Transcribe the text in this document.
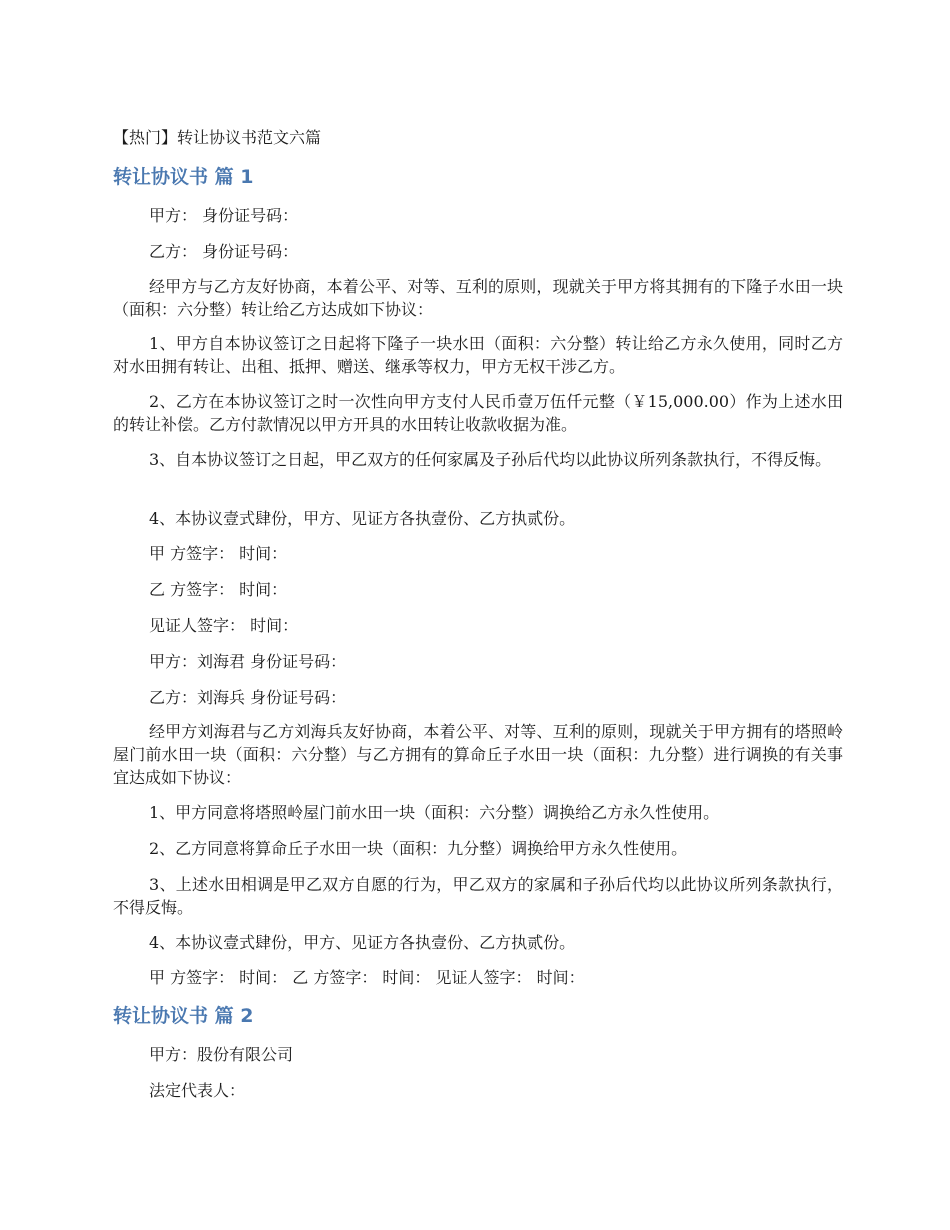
【热门】转让协议书范文六篇
转让协议书 篇 1
甲方： 身份证号码：
乙方： 身份证号码：
经甲方与乙方友好协商，本着公平、对等、互利的原则，现就关于甲方将其拥有的下隆子水田一块（面积：六分整）转让给乙方达成如下协议：
1、甲方自本协议签订之日起将下隆子一块水田（面积：六分整）转让给乙方永久使用，同时乙方对水田拥有转让、出租、抵押、赠送、继承等权力，甲方无权干涉乙方。
2、乙方在本协议签订之时一次性向甲方支付人民币壹万伍仟元整（￥15,000.00）作为上述水田的转让补偿。乙方付款情况以甲方开具的水田转让收款收据为准。
3、自本协议签订之日起，甲乙双方的任何家属及子孙后代均以此协议所列条款执行，不得反悔。
4、本协议壹式肆份，甲方、见证方各执壹份、乙方执贰份。
甲 方签字： 时间：
乙 方签字： 时间：
见证人签字： 时间：
甲方：刘海君 身份证号码：
乙方：刘海兵 身份证号码：
经甲方刘海君与乙方刘海兵友好协商，本着公平、对等、互利的原则，现就关于甲方拥有的塔照岭屋门前水田一块（面积：六分整）与乙方拥有的算命丘子水田一块（面积：九分整）进行调换的有关事宜达成如下协议：
1、甲方同意将塔照岭屋门前水田一块（面积：六分整）调换给乙方永久性使用。
2、乙方同意将算命丘子水田一块（面积：九分整）调换给甲方永久性使用。
3、上述水田相调是甲乙双方自愿的行为，甲乙双方的家属和子孙后代均以此协议所列条款执行，不得反悔。
4、本协议壹式肆份，甲方、见证方各执壹份、乙方执贰份。
甲 方签字： 时间： 乙 方签字： 时间： 见证人签字： 时间：
转让协议书 篇 2
甲方：股份有限公司
法定代表人：
